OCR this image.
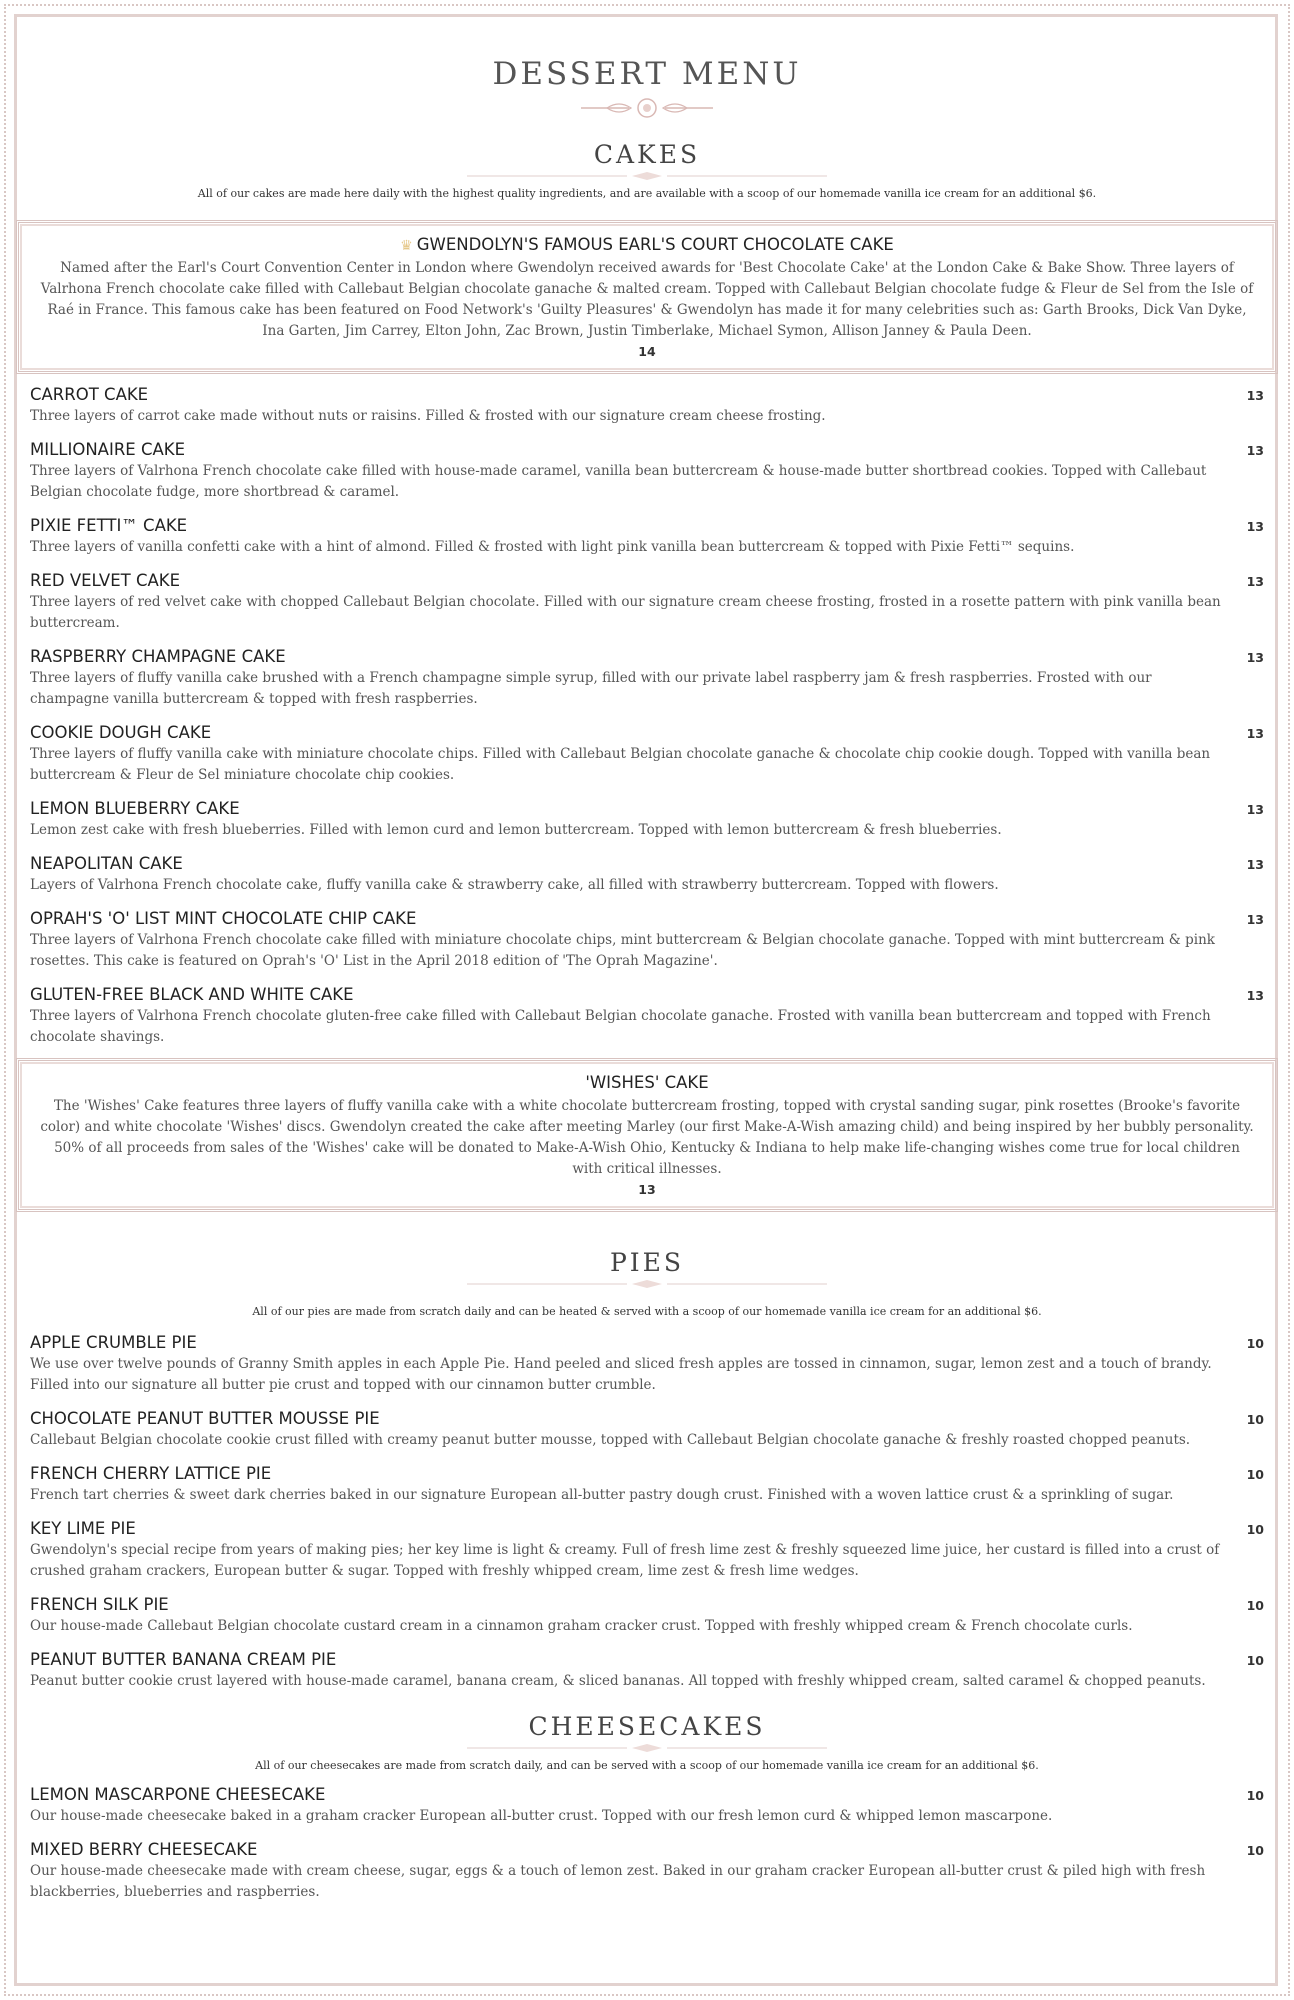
DESSERT MENU
CAKES
All of our cakes are made here daily with the highest quality ingredients, and are available with a scoop of our homemade vanilla ice cream for an additional $6.
♛ GWENDOLYN'S FAMOUS EARL'S COURT CHOCOLATE CAKE
Named after the Earl's Court Convention Center in London where Gwendolyn received awards for 'Best Chocolate Cake' at the London Cake & Bake Show. Three layers of Valrhona French chocolate cake filled with Callebaut Belgian chocolate ganache & malted cream. Topped with Callebaut Belgian chocolate fudge & Fleur de Sel from the Isle of Raé in France. This famous cake has been featured on Food Network's 'Guilty Pleasures' & Gwendolyn has made it for many celebrities such as: Garth Brooks, Dick Van Dyke, Ina Garten, Jim Carrey, Elton John, Zac Brown, Justin Timberlake, Michael Symon, Allison Janney & Paula Deen.
14
CARROT CAKE
Three layers of carrot cake made without nuts or raisins. Filled & frosted with our signature cream cheese frosting.
13
MILLIONAIRE CAKE
Three layers of Valrhona French chocolate cake filled with house-made caramel, vanilla bean buttercream & house-made butter shortbread cookies. Topped with Callebaut Belgian chocolate fudge, more shortbread & caramel.
13
PIXIE FETTI™ CAKE
Three layers of vanilla confetti cake with a hint of almond. Filled & frosted with light pink vanilla bean buttercream & topped with Pixie Fetti™ sequins.
13
RED VELVET CAKE
Three layers of red velvet cake with chopped Callebaut Belgian chocolate. Filled with our signature cream cheese frosting, frosted in a rosette pattern with pink vanilla bean buttercream.
13
RASPBERRY CHAMPAGNE CAKE
Three layers of fluffy vanilla cake brushed with a French champagne simple syrup, filled with our private label raspberry jam & fresh raspberries. Frosted with our champagne vanilla buttercream & topped with fresh raspberries.
13
COOKIE DOUGH CAKE
Three layers of fluffy vanilla cake with miniature chocolate chips. Filled with Callebaut Belgian chocolate ganache & chocolate chip cookie dough. Topped with vanilla bean buttercream & Fleur de Sel miniature chocolate chip cookies.
13
LEMON BLUEBERRY CAKE
Lemon zest cake with fresh blueberries. Filled with lemon curd and lemon buttercream. Topped with lemon buttercream & fresh blueberries.
13
NEAPOLITAN CAKE
Layers of Valrhona French chocolate cake, fluffy vanilla cake & strawberry cake, all filled with strawberry buttercream. Topped with flowers.
13
OPRAH'S 'O' LIST MINT CHOCOLATE CHIP CAKE
Three layers of Valrhona French chocolate cake filled with miniature chocolate chips, mint buttercream & Belgian chocolate ganache. Topped with mint buttercream & pink rosettes. This cake is featured on Oprah's 'O' List in the April 2018 edition of 'The Oprah Magazine'.
13
GLUTEN-FREE BLACK AND WHITE CAKE
Three layers of Valrhona French chocolate gluten-free cake filled with Callebaut Belgian chocolate ganache. Frosted with vanilla bean buttercream and topped with French chocolate shavings.
13
'WISHES' CAKE
The 'Wishes' Cake features three layers of fluffy vanilla cake with a white chocolate buttercream frosting, topped with crystal sanding sugar, pink rosettes (Brooke's favorite color) and white chocolate 'Wishes' discs. Gwendolyn created the cake after meeting Marley (our first Make-A-Wish amazing child) and being inspired by her bubbly personality. 50% of all proceeds from sales of the 'Wishes' cake will be donated to Make-A-Wish Ohio, Kentucky & Indiana to help make life-changing wishes come true for local children with critical illnesses.
13
PIES
All of our pies are made from scratch daily and can be heated & served with a scoop of our homemade vanilla ice cream for an additional $6.
APPLE CRUMBLE PIE
We use over twelve pounds of Granny Smith apples in each Apple Pie. Hand peeled and sliced fresh apples are tossed in cinnamon, sugar, lemon zest and a touch of brandy. Filled into our signature all butter pie crust and topped with our cinnamon butter crumble.
10
CHOCOLATE PEANUT BUTTER MOUSSE PIE
Callebaut Belgian chocolate cookie crust filled with creamy peanut butter mousse, topped with Callebaut Belgian chocolate ganache & freshly roasted chopped peanuts.
10
FRENCH CHERRY LATTICE PIE
French tart cherries & sweet dark cherries baked in our signature European all-butter pastry dough crust. Finished with a woven lattice crust & a sprinkling of sugar.
10
KEY LIME PIE
Gwendolyn's special recipe from years of making pies; her key lime is light & creamy. Full of fresh lime zest & freshly squeezed lime juice, her custard is filled into a crust of crushed graham crackers, European butter & sugar. Topped with freshly whipped cream, lime zest & fresh lime wedges.
10
FRENCH SILK PIE
Our house-made Callebaut Belgian chocolate custard cream in a cinnamon graham cracker crust. Topped with freshly whipped cream & French chocolate curls.
10
PEANUT BUTTER BANANA CREAM PIE
Peanut butter cookie crust layered with house-made caramel, banana cream, & sliced bananas. All topped with freshly whipped cream, salted caramel & chopped peanuts.
10
CHEESECAKES
All of our cheesecakes are made from scratch daily, and can be served with a scoop of our homemade vanilla ice cream for an additional $6.
LEMON MASCARPONE CHEESECAKE
Our house-made cheesecake baked in a graham cracker European all-butter crust. Topped with our fresh lemon curd & whipped lemon mascarpone.
10
MIXED BERRY CHEESECAKE
Our house-made cheesecake made with cream cheese, sugar, eggs & a touch of lemon zest. Baked in our graham cracker European all-butter crust & piled high with fresh blackberries, blueberries and raspberries.
10
